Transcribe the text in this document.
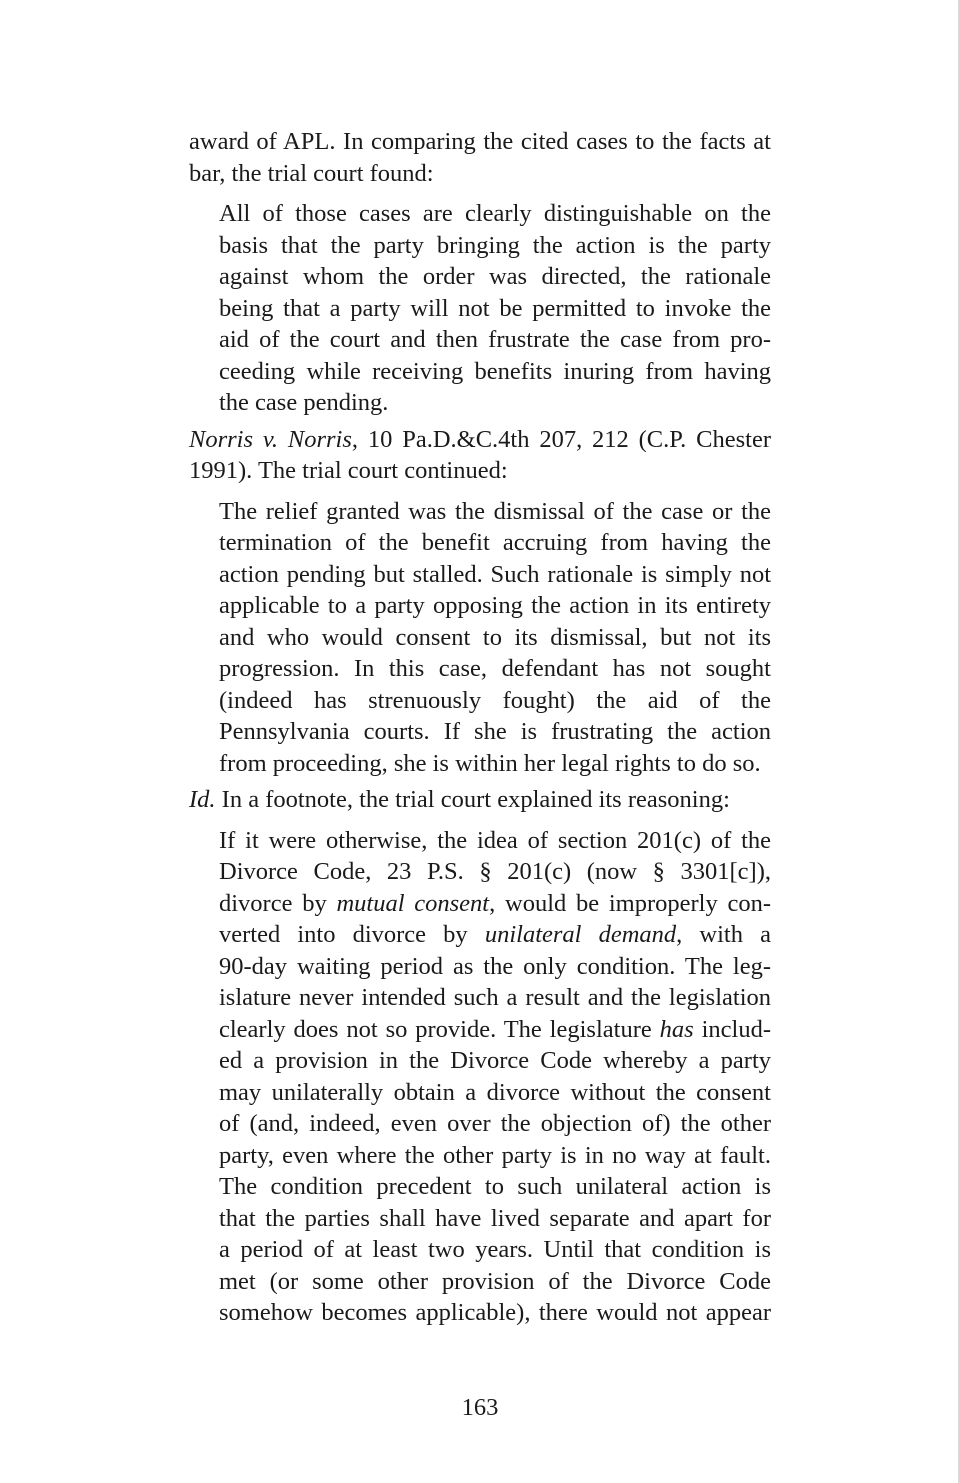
award of APL. In comparing the cited cases to the facts at
bar, the trial court found:
All of those cases are clearly distinguishable on the
basis that the party bringing the action is the party
against whom the order was directed, the rationale
being that a party will not be permitted to invoke the
aid of the court and then frustrate the case from pro-
ceeding while receiving benefits inuring from having
the case pending.
Norris v. Norris, 10 Pa.D.&C.4th 207, 212 (C.P. Chester
1991). The trial court continued:
The relief granted was the dismissal of the case or the
termination of the benefit accruing from having the
action pending but stalled. Such rationale is simply not
applicable to a party opposing the action in its entirety
and who would consent to its dismissal, but not its
progression. In this case, defendant has not sought
(indeed has strenuously fought) the aid of the
Pennsylvania courts. If she is frustrating the action
from proceeding, she is within her legal rights to do so.
Id. In a footnote, the trial court explained its reasoning:
If it were otherwise, the idea of section 201(c) of the
Divorce Code, 23 P.S. § 201(c) (now § 3301[c]),
divorce by mutual consent, would be improperly con-
verted into divorce by unilateral demand, with a
90-day waiting period as the only condition. The leg-
islature never intended such a result and the legislation
clearly does not so provide. The legislature has includ-
ed a provision in the Divorce Code whereby a party
may unilaterally obtain a divorce without the consent
of (and, indeed, even over the objection of) the other
party, even where the other party is in no way at fault.
The condition precedent to such unilateral action is
that the parties shall have lived separate and apart for
a period of at least two years. Until that condition is
met (or some other provision of the Divorce Code
somehow becomes applicable), there would not appear
163
